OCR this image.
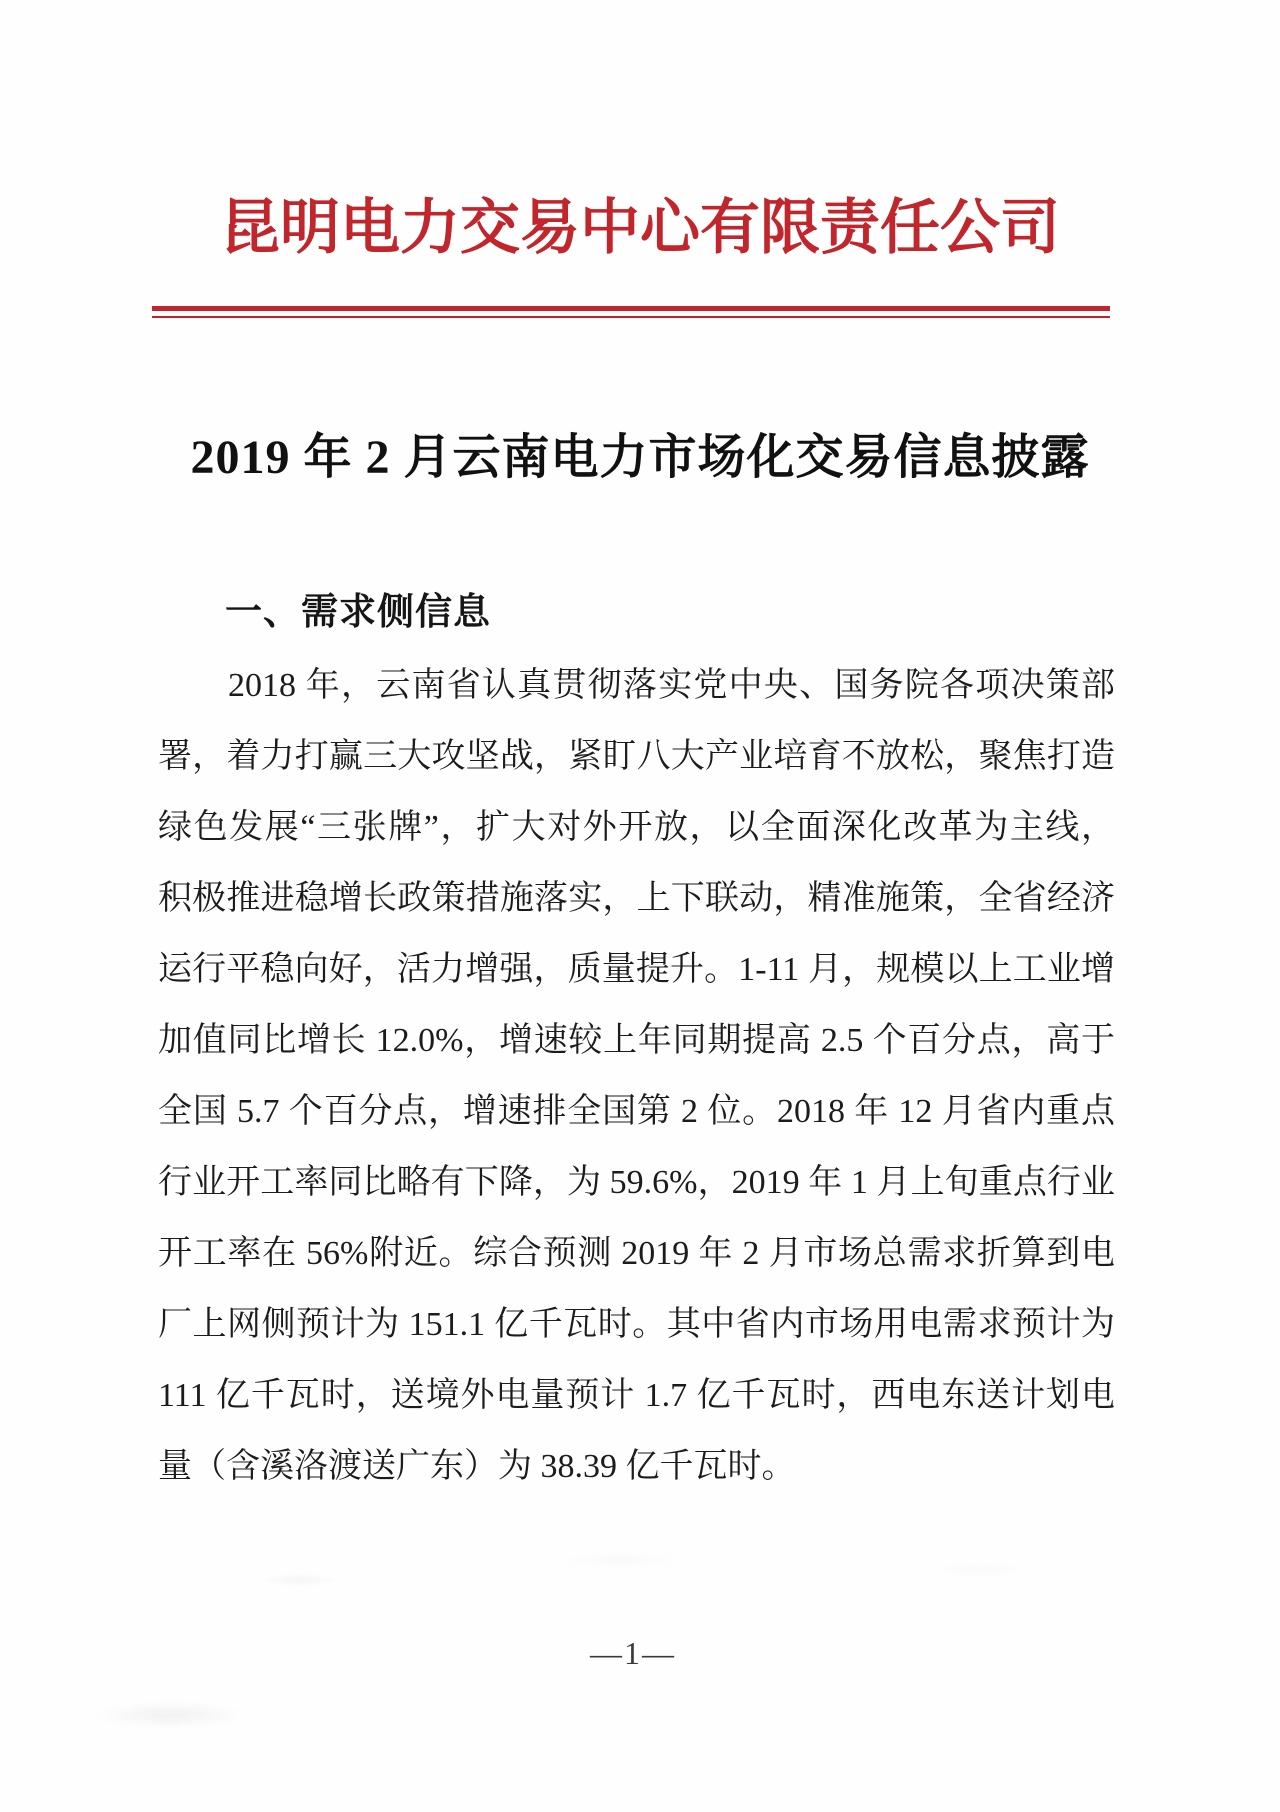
昆明电力交易中心有限责任公司
2019 年 2 月云南电力市场化交易信息披露
一、需求侧信息
2018 年，云南省认真贯彻落实党中央、国务院各项决策部
署，着力打赢三大攻坚战，紧盯八大产业培育不放松，聚焦打造
绿色发展“三张牌”，扩大对外开放，以全面深化改革为主线，
积极推进稳增长政策措施落实，上下联动，精准施策，全省经济
运行平稳向好，活力增强，质量提升。1-11 月，规模以上工业增
加值同比增长 12.0%，增速较上年同期提高 2.5 个百分点，高于
全国 5.7 个百分点，增速排全国第 2 位。2018 年 12 月省内重点
行业开工率同比略有下降，为 59.6%，2019 年 1 月上旬重点行业
开工率在 56%附近。综合预测 2019 年 2 月市场总需求折算到电
厂上网侧预计为 151.1 亿千瓦时。其中省内市场用电需求预计为
111 亿千瓦时，送境外电量预计 1.7 亿千瓦时，西电东送计划电
量（含溪洛渡送广东）为 38.39 亿千瓦时。
—1—
